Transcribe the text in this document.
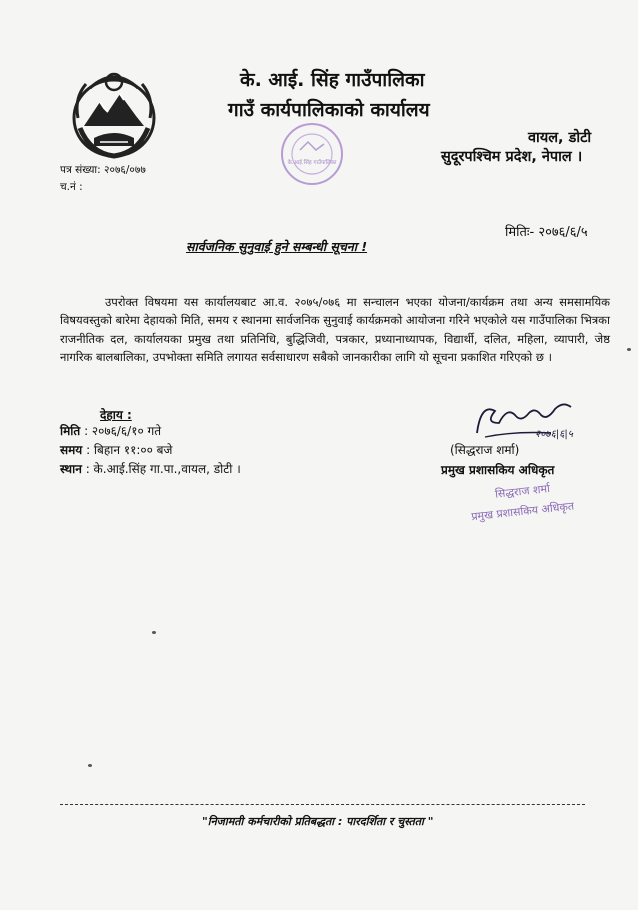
के. आई. सिंह गाउँपालिका
गाउँ कार्यपालिकाको कार्यालय
के.आई.सिंह गाउँपालिका
वायल, डोटी
सुदूरपश्चिम प्रदेश, नेपाल ।
पत्र संख्या: २०७६/०७७
च.नं :
मितिः- २०७६/६/५
सार्वजनिक सुनुवाई हुने सम्बन्धी सूचना !
उपरोक्त विषयमा यस कार्यालयबाट आ.व. २०७५/०७६ मा सन्चालन भएका योजना/कार्यक्रम तथा अन्य समसामयिक विषयवस्तुको बारेमा देहायको मिति, समय र स्थानमा सार्वजनिक सुनुवाई कार्यक्रमको आयोजना गरिने भएकोले यस गाउँपालिका भित्रका राजनीतिक दल, कार्यालयका प्रमुख तथा प्रतिनिधि, बुद्धिजिवी, पत्रकार, प्रध्यानाध्यापक, विद्यार्थी, दलित, महिला, व्यापारी, जेष्ठ नागरिक बालबालिका, उपभोक्ता समिति लगायत सर्वसाधारण सबैको जानकारीका लागि यो सूचना प्रकाशित गरिएको छ ।
देहाय :
मिति : २०७६/६/१० गते
समय : बिहान ११:०० बजे
स्थान : के.आई.सिंह गा.पा.,वायल, डोटी ।
२०७६|६|५
(सिद्धराज शर्मा)
प्रमुख प्रशासकिय अधिकृत
सिद्धराज शर्मा
प्रमुख प्रशासकिय अधिकृत
"निजामती कर्मचारीको प्रतिबद्धता : पारदर्शिता र चुस्तता "
